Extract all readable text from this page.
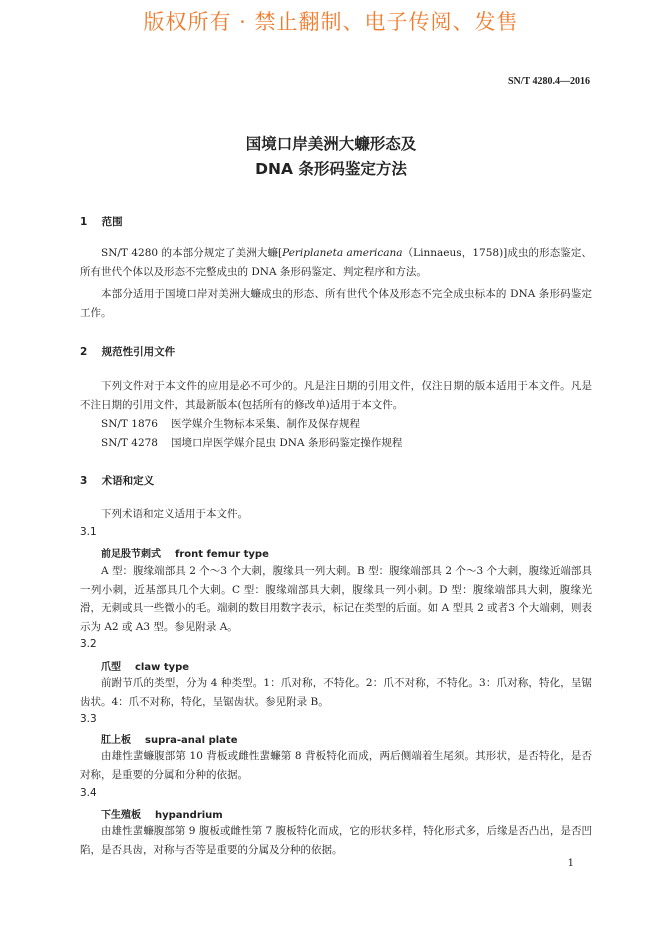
版权所有 · 禁止翻制、电子传阅、发售
SN/T 4280.4—2016
国境口岸美洲大蠊形态及
DNA 条形码鉴定方法
1 范围
SN/T 4280 的本部分规定了美洲大蠊[Periplaneta americana（Linnaeus，1758)]成虫的形态鉴定、所有世代个体以及形态不完整成虫的 DNA 条形码鉴定、判定程序和方法。
本部分适用于国境口岸对美洲大蠊成虫的形态、所有世代个体及形态不完全成虫标本的 DNA 条形码鉴定工作。
2 规范性引用文件
下列文件对于本文件的应用是必不可少的。凡是注日期的引用文件，仅注日期的版本适用于本文件。凡是不注日期的引用文件，其最新版本(包括所有的修改单)适用于本文件。
SN/T 1876 医学媒介生物标本采集、制作及保存规程
SN/T 4278 国境口岸医学媒介昆虫 DNA 条形码鉴定操作规程
3 术语和定义
下列术语和定义适用于本文件。
3.1
前足股节刺式 front femur type
A 型：腹缘端部具 2 个～3 个大刺，腹缘具一列大刺。B 型：腹缘端部具 2 个～3 个大刺，腹缘近端部具一列小刺，近基部具几个大刺。C 型：腹缘端部具大刺，腹缘具一列小刺。D 型：腹缘端部具大刺，腹缘光滑，无刺或具一些微小的毛。端刺的数目用数字表示，标记在类型的后面。如 A 型具 2 或者3 个大端刺，则表示为 A2 或 A3 型。参见附录 A。
3.2
爪型 claw type
前跗节爪的类型，分为 4 种类型。1：爪对称，不特化。2：爪不对称，不特化。3：爪对称，特化，呈锯齿状。4：爪不对称，特化，呈锯齿状。参见附录 B。
3.3
肛上板 supra-anal plate
由雄性蜚蠊腹部第 10 背板或雌性蜚蠊第 8 背板特化而成，两后侧端着生尾须。其形状，是否特化，是否对称，是重要的分属和分种的依据。
3.4
下生殖板 hypandrium
由雄性蜚蠊腹部第 9 腹板或雌性第 7 腹板特化而成，它的形状多样，特化形式多，后缘是否凸出，是否凹陷，是否具齿，对称与否等是重要的分属及分种的依据。
1
